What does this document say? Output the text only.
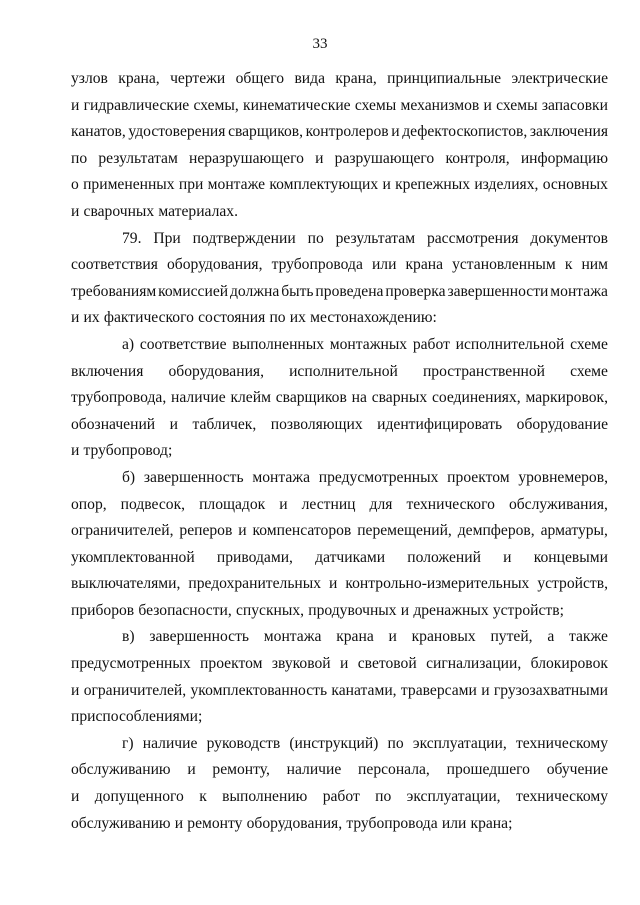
33
узлов крана, чертежи общего вида крана, принципиальные электрические
и гидравлические схемы, кинематические схемы механизмов и схемы запасовки
канатов, удостоверения сварщиков, контролеров и дефектоскопистов, заключения
по результатам неразрушающего и разрушающего контроля, информацию
о примененных при монтаже комплектующих и крепежных изделиях, основных
и сварочных материалах.
79. При подтверждении по результатам рассмотрения документов
соответствия оборудования, трубопровода или крана установленным к ним
требованиям комиссией должна быть проведена проверка завершенности монтажа
и их фактического состояния по их местонахождению:
а) соответствие выполненных монтажных работ исполнительной схеме
включения оборудования, исполнительной пространственной схеме
трубопровода, наличие клейм сварщиков на сварных соединениях, маркировок,
обозначений и табличек, позволяющих идентифицировать оборудование
и трубопровод;
б) завершенность монтажа предусмотренных проектом уровнемеров,
опор, подвесок, площадок и лестниц для технического обслуживания,
ограничителей, реперов и компенсаторов перемещений, демпферов, арматуры,
укомплектованной приводами, датчиками положений и концевыми
выключателями, предохранительных и контрольно-измерительных устройств,
приборов безопасности, спускных, продувочных и дренажных устройств;
в) завершенность монтажа крана и крановых путей, а также
предусмотренных проектом звуковой и световой сигнализации, блокировок
и ограничителей, укомплектованность канатами, траверсами и грузозахватными
приспособлениями;
г) наличие руководств (инструкций) по эксплуатации, техническому
обслуживанию и ремонту, наличие персонала, прошедшего обучение
и допущенного к выполнению работ по эксплуатации, техническому
обслуживанию и ремонту оборудования, трубопровода или крана;
